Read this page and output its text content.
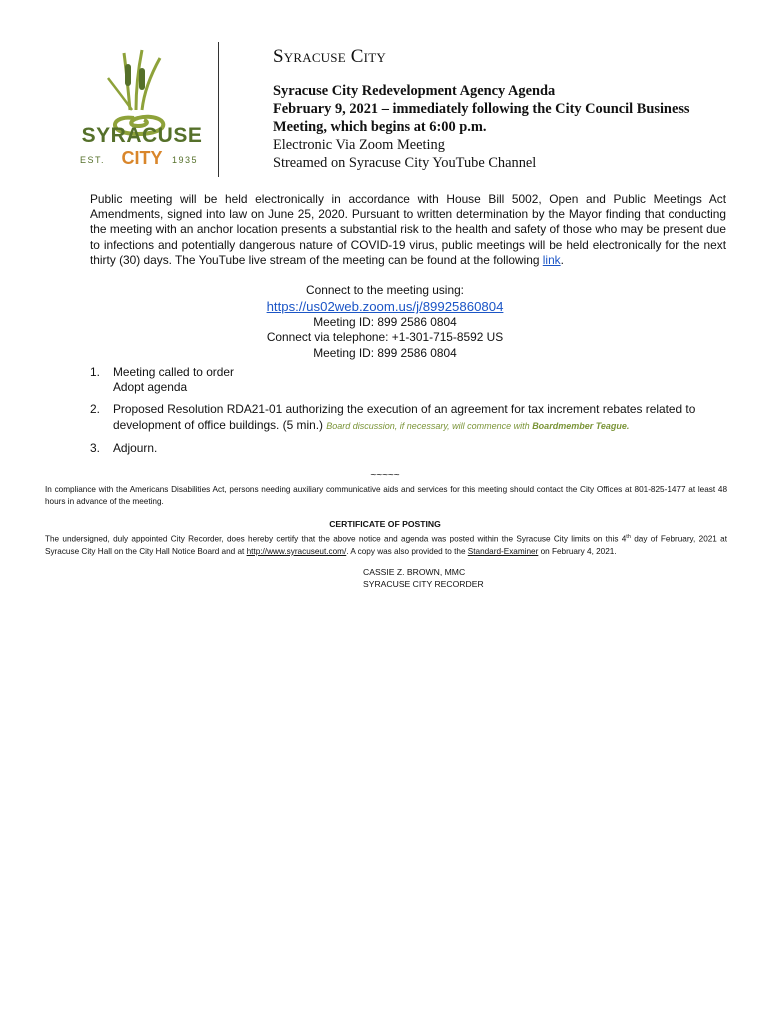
SYRACUSE
EST. CITY 1935
Syracuse City

Syracuse City Redevelopment Agency Agenda

February 9, 2021 – immediately following the City Council Business

Meeting, which begins at 6:00 p.m.

Electronic Via Zoom Meeting

Streamed on Syracuse City YouTube Channel

Public meeting will be held electronically in accordance with House Bill 5002, Open and Public Meetings Act Amendments, signed into law on June 25, 2020. Pursuant to written determination by the Mayor finding that conducting the meeting with an anchor location presents a substantial risk to the health and safety of those who may be present due to infections and potentially dangerous nature of COVID-19 virus, public meetings will be held electronically for the next thirty (30) days. The YouTube live stream of the meeting can be found at the following link.

Connect to the meeting using:
https://us02web.zoom.us/j/89925860804
Meeting ID: 899 2586 0804
Connect via telephone: +1-301-715-8592 US
Meeting ID: 899 2586 0804
1.	Meeting called to order
Adopt agenda
2.	Proposed Resolution RDA21-01 authorizing the execution of an agreement for tax increment rebates related to development of office buildings. (5 min.) Board discussion, if necessary, will commence with Boardmember Teague.
3.	Adjourn.
~~~~~

In compliance with the Americans Disabilities Act, persons needing auxiliary communicative aids and services for this meeting should contact the City Offices at 801-825-1477 at least 48 hours in advance of the meeting.

CERTIFICATE OF POSTING

The undersigned, duly appointed City Recorder, does hereby certify that the above notice and agenda was posted within the Syracuse City limits on this 4th day of February, 2021 at Syracuse City Hall on the City Hall Notice Board and at http://www.syracuseut.com/. A copy was also provided to the Standard-Examiner on February 4, 2021.

CASSIE Z. BROWN, MMC
SYRACUSE CITY RECORDER
